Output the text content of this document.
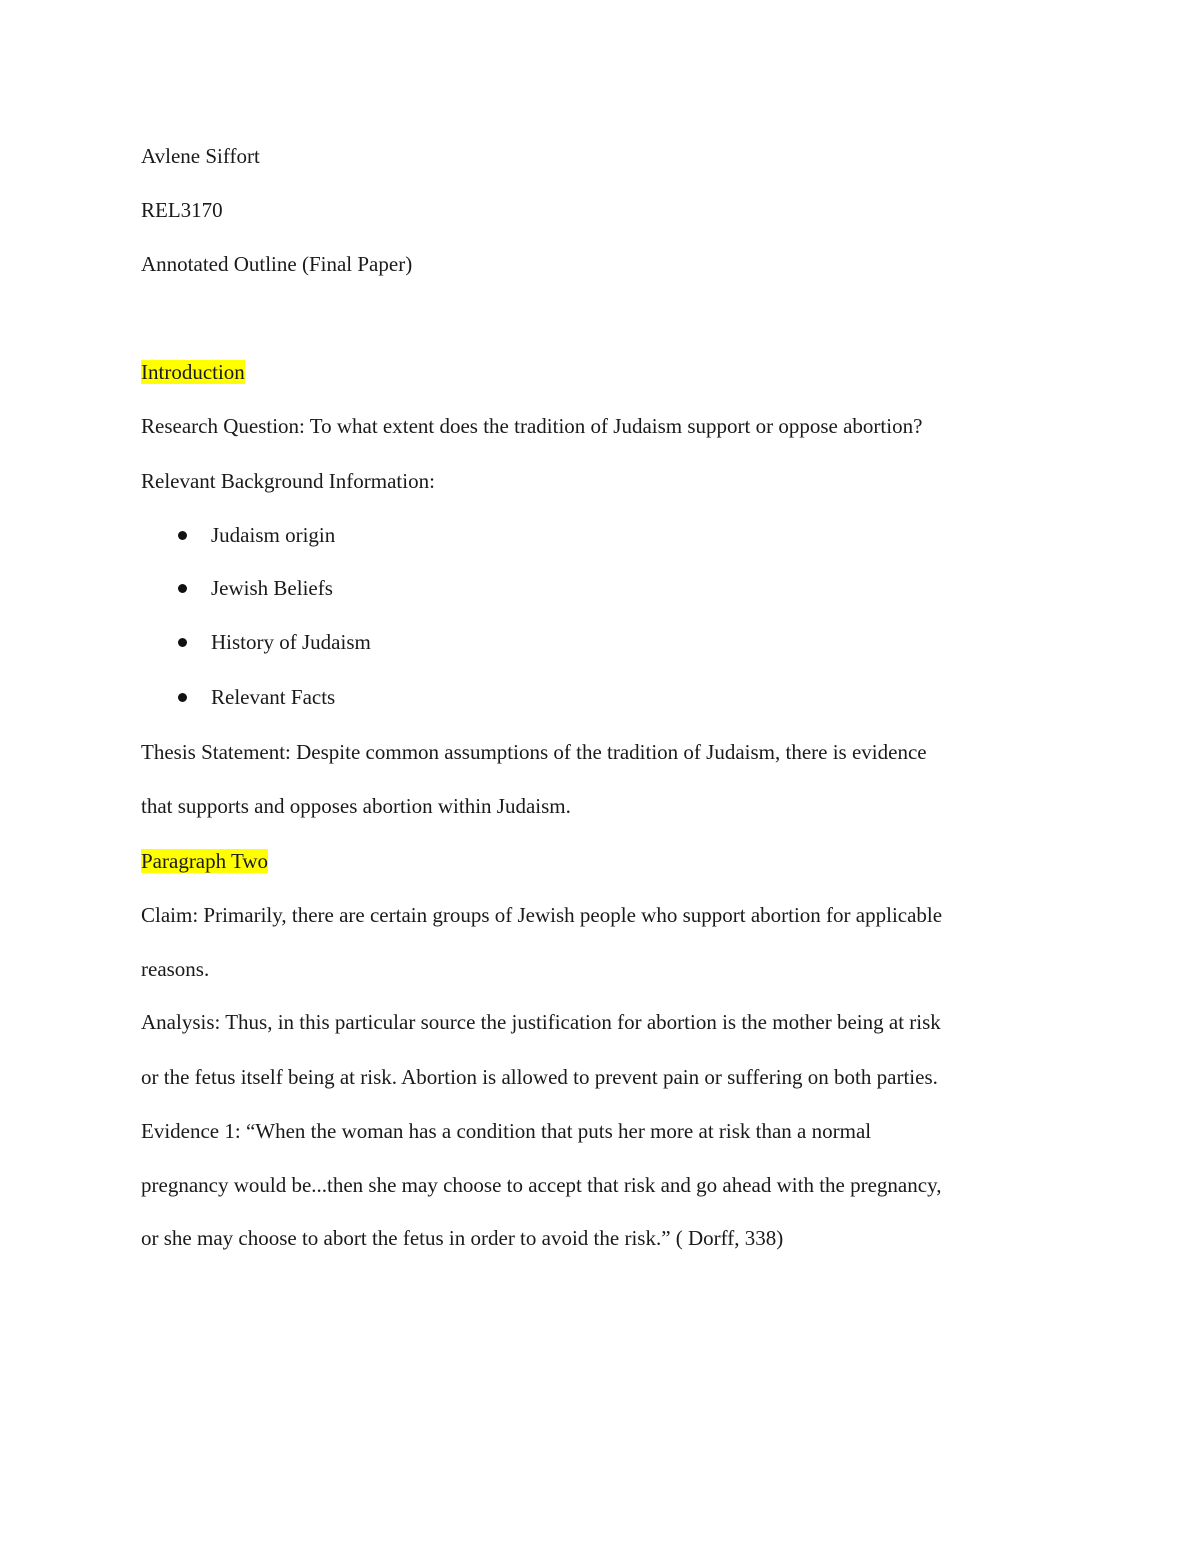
Avlene Siffort
REL3170
Annotated Outline (Final Paper)
Introduction
Research Question: To what extent does the tradition of Judaism support or oppose abortion?
Relevant Background Information:
Judaism origin
Jewish Beliefs
History of Judaism
Relevant Facts
Thesis Statement: Despite common assumptions of the tradition of Judaism, there is evidence
that supports and opposes abortion within Judaism.
Paragraph Two
Claim: Primarily, there are certain groups of Jewish people who support abortion for applicable
reasons.
Analysis: Thus, in this particular source the justification for abortion is the mother being at risk
or the fetus itself being at risk. Abortion is allowed to prevent pain or suffering on both parties.
Evidence 1: “When the woman has a condition that puts her more at risk than a normal
pregnancy would be...then she may choose to accept that risk and go ahead with the pregnancy,
or she may choose to abort the fetus in order to avoid the risk.” ( Dorff, 338)
